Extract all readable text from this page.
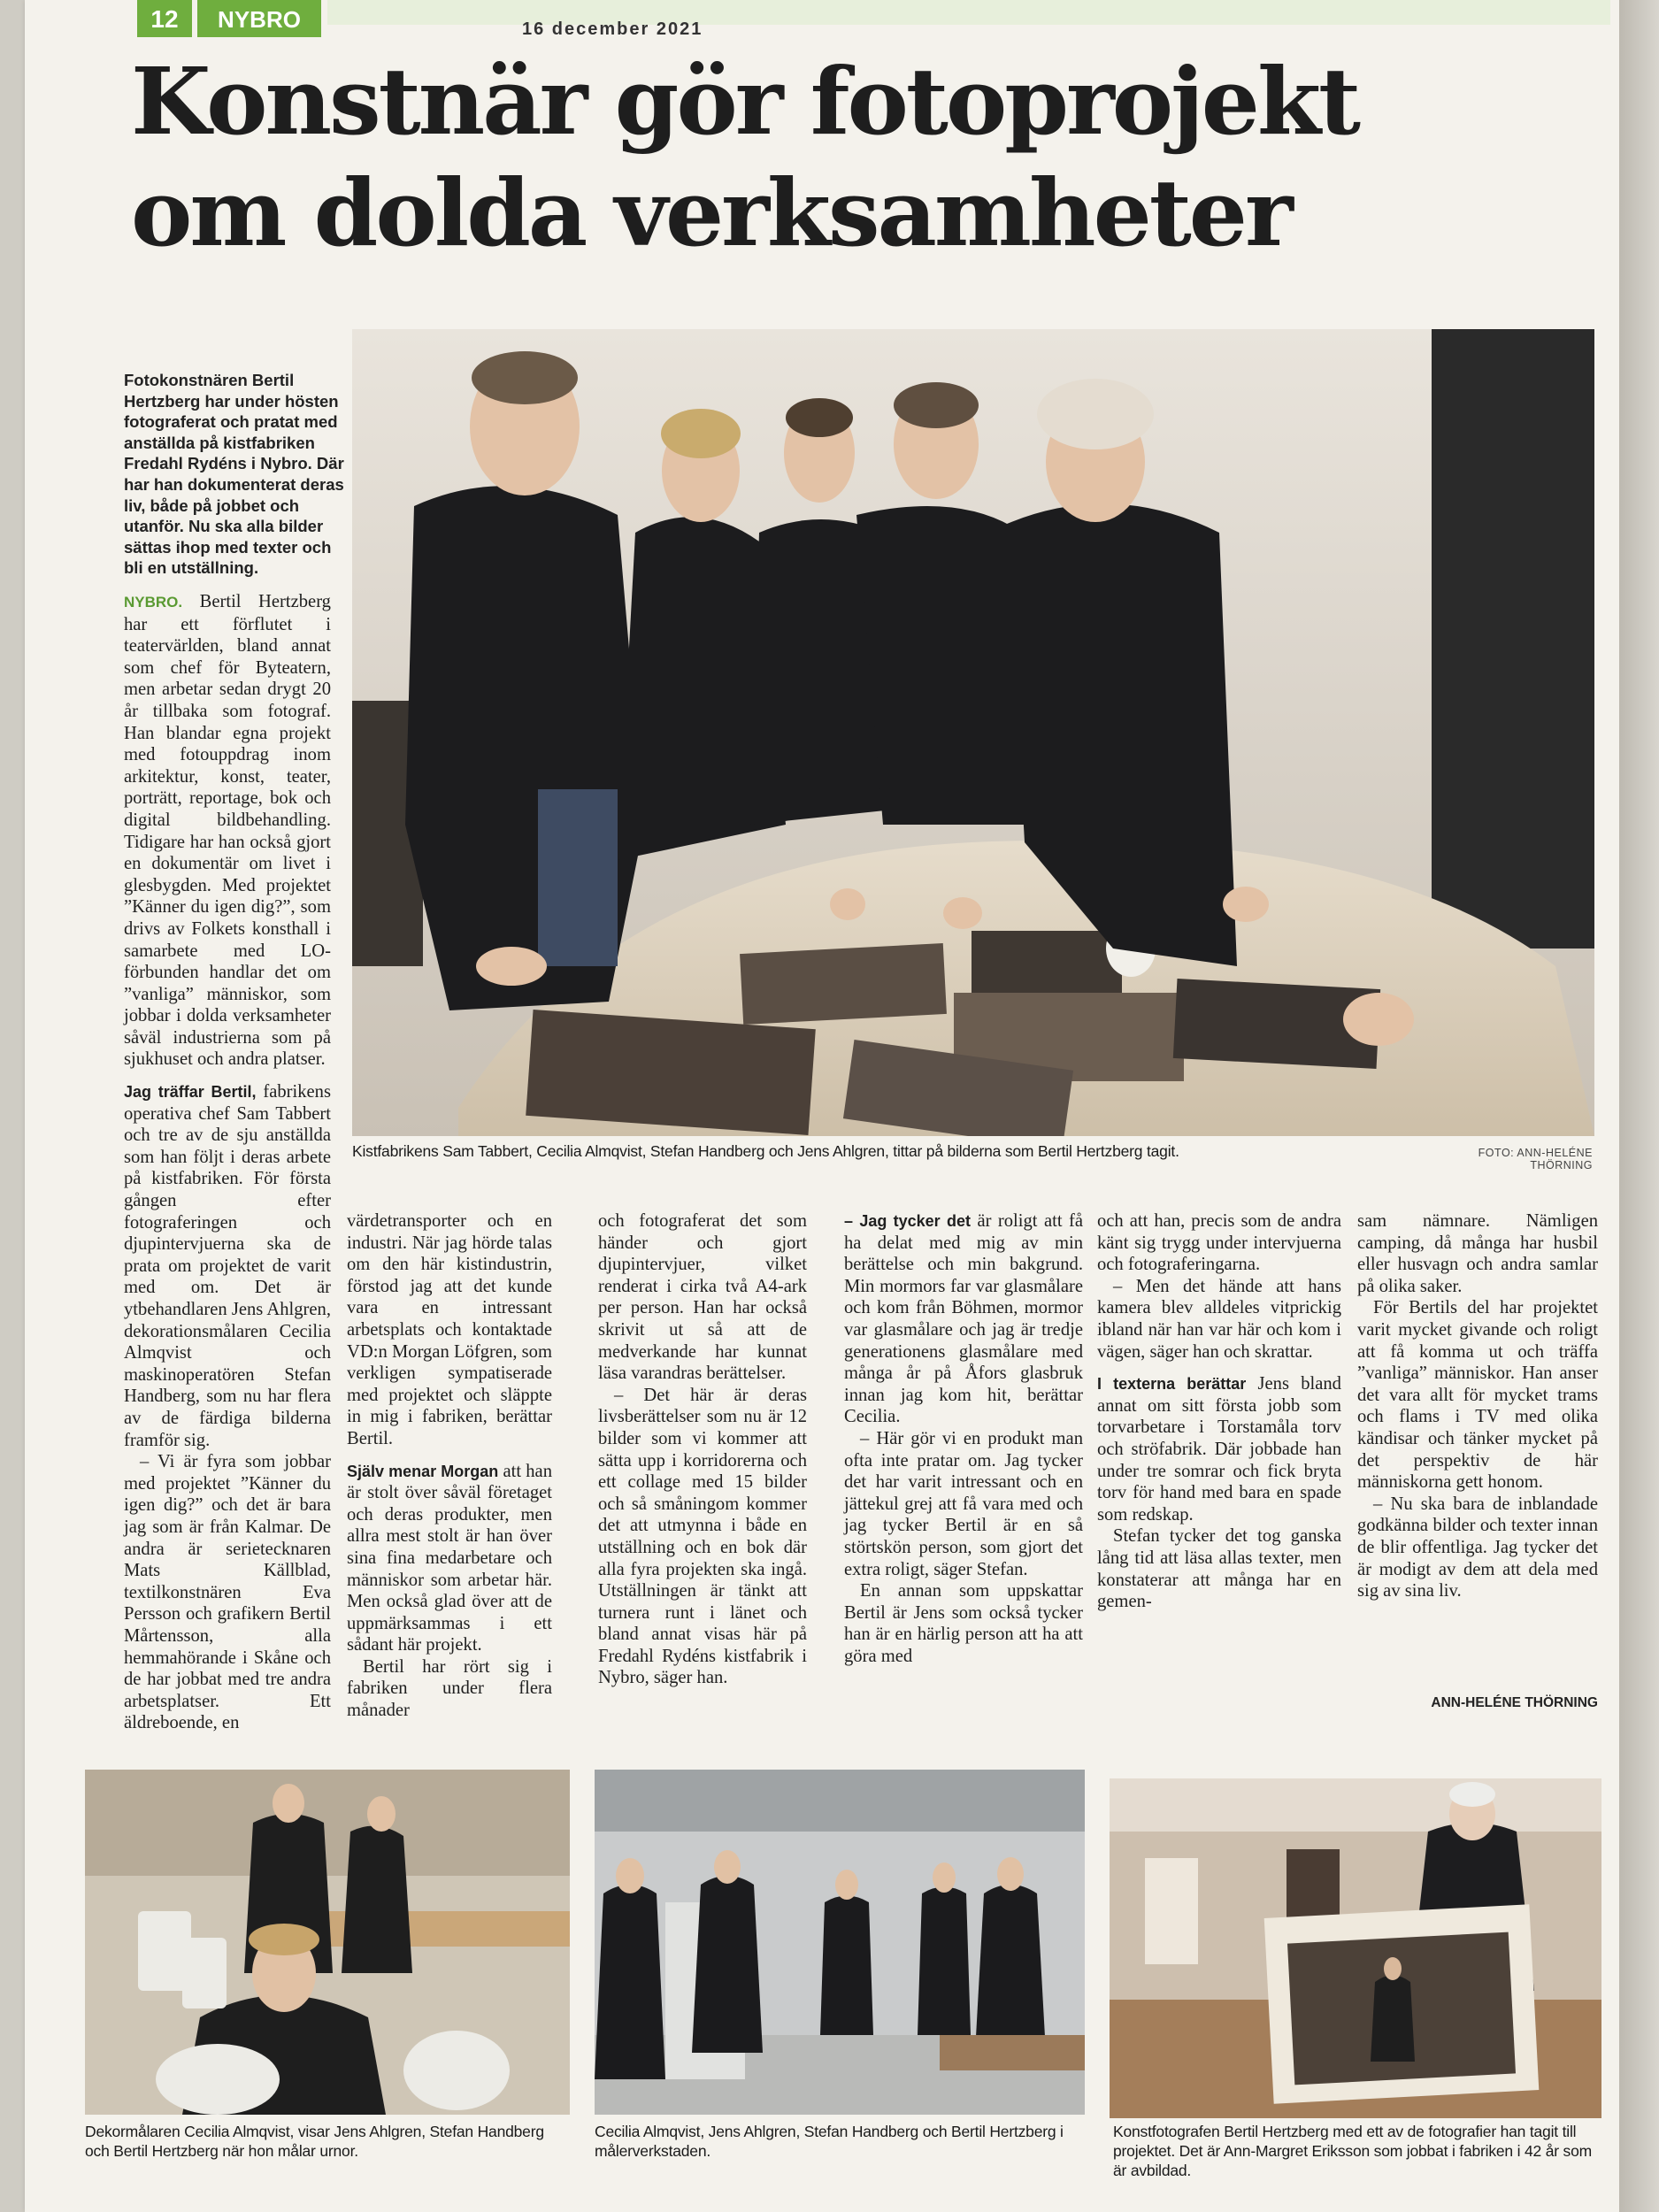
12	NYBRO	16 december 2021
Konstnär gör fotoprojekt
om dolda verksamheter
Fotokonstnären Bertil Hertzberg har under hösten fotograferat och pratat med anställda på kistfabriken Fredahl Rydéns i Nybro. Där har han dokumenterat deras liv, både på jobbet och utanför. Nu ska alla bilder sättas ihop med texter och bli en utställning.
Kistfabrikens Sam Tabbert, Cecilia Almqvist, Stefan Handberg och Jens Ahlgren, tittar på bilderna som Bertil Hertzberg tagit.	FOTO: ANN-HELÉNE THÖRNING

NYBRO. Bertil Hertzberg har ett förflutet i teatervärlden, bland annat som chef för Byteatern, men arbetar sedan drygt 20 år tillbaka som fotograf. Han blandar egna projekt med fotouppdrag inom arkitektur, konst, teater, porträtt, reportage, bok och digital bildbehandling. Tidigare har han också gjort en dokumentär om livet i glesbygden. Med projektet ”Känner du igen dig?”, som drivs av Folkets konsthall i samarbete med LO-förbunden handlar det om ”vanliga” människor, som jobbar i dolda verksamheter såväl industrierna som på sjukhuset och andra platser.

Jag träffar Bertil, fabrikens operativa chef Sam Tabbert och tre av de sju anställda som han följt i deras arbete på kistfabriken. För första gången efter fotograferingen och djupintervjuerna ska de prata om projektet de varit med om. Det är ytbehandlaren Jens Ahlgren, dekorationsmålaren Cecilia Almqvist och maskinoperatören Stefan Handberg, som nu har flera av de färdiga bilderna framför sig.

– Vi är fyra som jobbar med projektet ”Känner du igen dig?” och det är bara jag som är från Kalmar. De andra är serietecknaren Mats Källblad, textilkonstnären Eva Persson och grafikern Bertil Mårtensson, alla hemmahörande i Skåne och de har jobbat med tre andra arbetsplatser. Ett äldreboende, en

värdetransporter och en industri. När jag hörde talas om den här kistindustrin, förstod jag att det kunde vara en intressant arbetsplats och kontaktade VD:n Morgan Löfgren, som verkligen sympatiserade med projektet och släppte in mig i fabriken, berättar Bertil.

Själv menar Morgan att han är stolt över såväl företaget och deras produkter, men allra mest stolt är han över sina fina medarbetare och människor som arbetar här. Men också glad över att de uppmärksammas i ett sådant här projekt.

Bertil har rört sig i fabriken under flera månader

och fotograferat det som händer och gjort djupintervjuer, vilket renderat i cirka två A4-ark per person. Han har också skrivit ut så att de medverkande har kunnat läsa varandras berättelser.

– Det här är deras livsberättelser som nu är 12 bilder som vi kommer att sätta upp i korridorerna och ett collage med 15 bilder och så småningom kommer det att utmynna i både en utställning och en bok där alla fyra projekten ska ingå. Utställningen är tänkt att turnera runt i länet och bland annat visas här på Fredahl Rydéns kistfabrik i Nybro, säger han.

– Jag tycker det är roligt att få ha delat med mig av min berättelse och min bakgrund. Min mormors far var glasmålare och kom från Böhmen, mormor var glasmålare och jag är tredje generationens glasmålare med många år på Åfors glasbruk innan jag kom hit, berättar Cecilia.

– Här gör vi en produkt man ofta inte pratar om. Jag tycker det har varit intressant och en jättekul grej att få vara med och jag tycker Bertil är en så störtskön person, som gjort det extra roligt, säger Stefan.

En annan som uppskattar Bertil är Jens som också tycker han är en härlig person att ha att göra med

och att han, precis som de andra känt sig trygg under intervjuerna och fotograferingarna.

– Men det hände att hans kamera blev alldeles vitprickig ibland när han var här och kom i vägen, säger han och skrattar.

I texterna berättar Jens bland annat om sitt första jobb som torvarbetare i Torstamåla torv och ströfabrik. Där jobbade han under tre somrar och fick bryta torv för hand med bara en spade som redskap.

Stefan tycker det tog ganska lång tid att läsa allas texter, men konstaterar att många har en gemen-

sam nämnare. Nämligen camping, då många har husbil eller husvagn och andra samlar på olika saker.

För Bertils del har projektet varit mycket givande och roligt att få komma ut och träffa ”vanliga” människor. Han anser det vara allt för mycket trams och flams i TV med olika kändisar och tänker mycket på det perspektiv de här människorna gett honom.

– Nu ska bara de inblandade godkänna bilder och texter innan de blir offentliga. Jag tycker det är modigt av dem att dela med sig av sina liv.

ANN-HELÉNE THÖRNING
Dekormålaren Cecilia Almqvist, visar Jens Ahlgren, Stefan Handberg och Bertil Hertzberg när hon målar urnor.
Cecilia Almqvist, Jens Ahlgren, Stefan Handberg och Bertil Hertzberg i målerverkstaden.
Konstfotografen Bertil Hertzberg med ett av de fotografier han tagit till projektet. Det är Ann-Margret Eriksson som jobbat i fabriken i 42 år som är avbildad.
